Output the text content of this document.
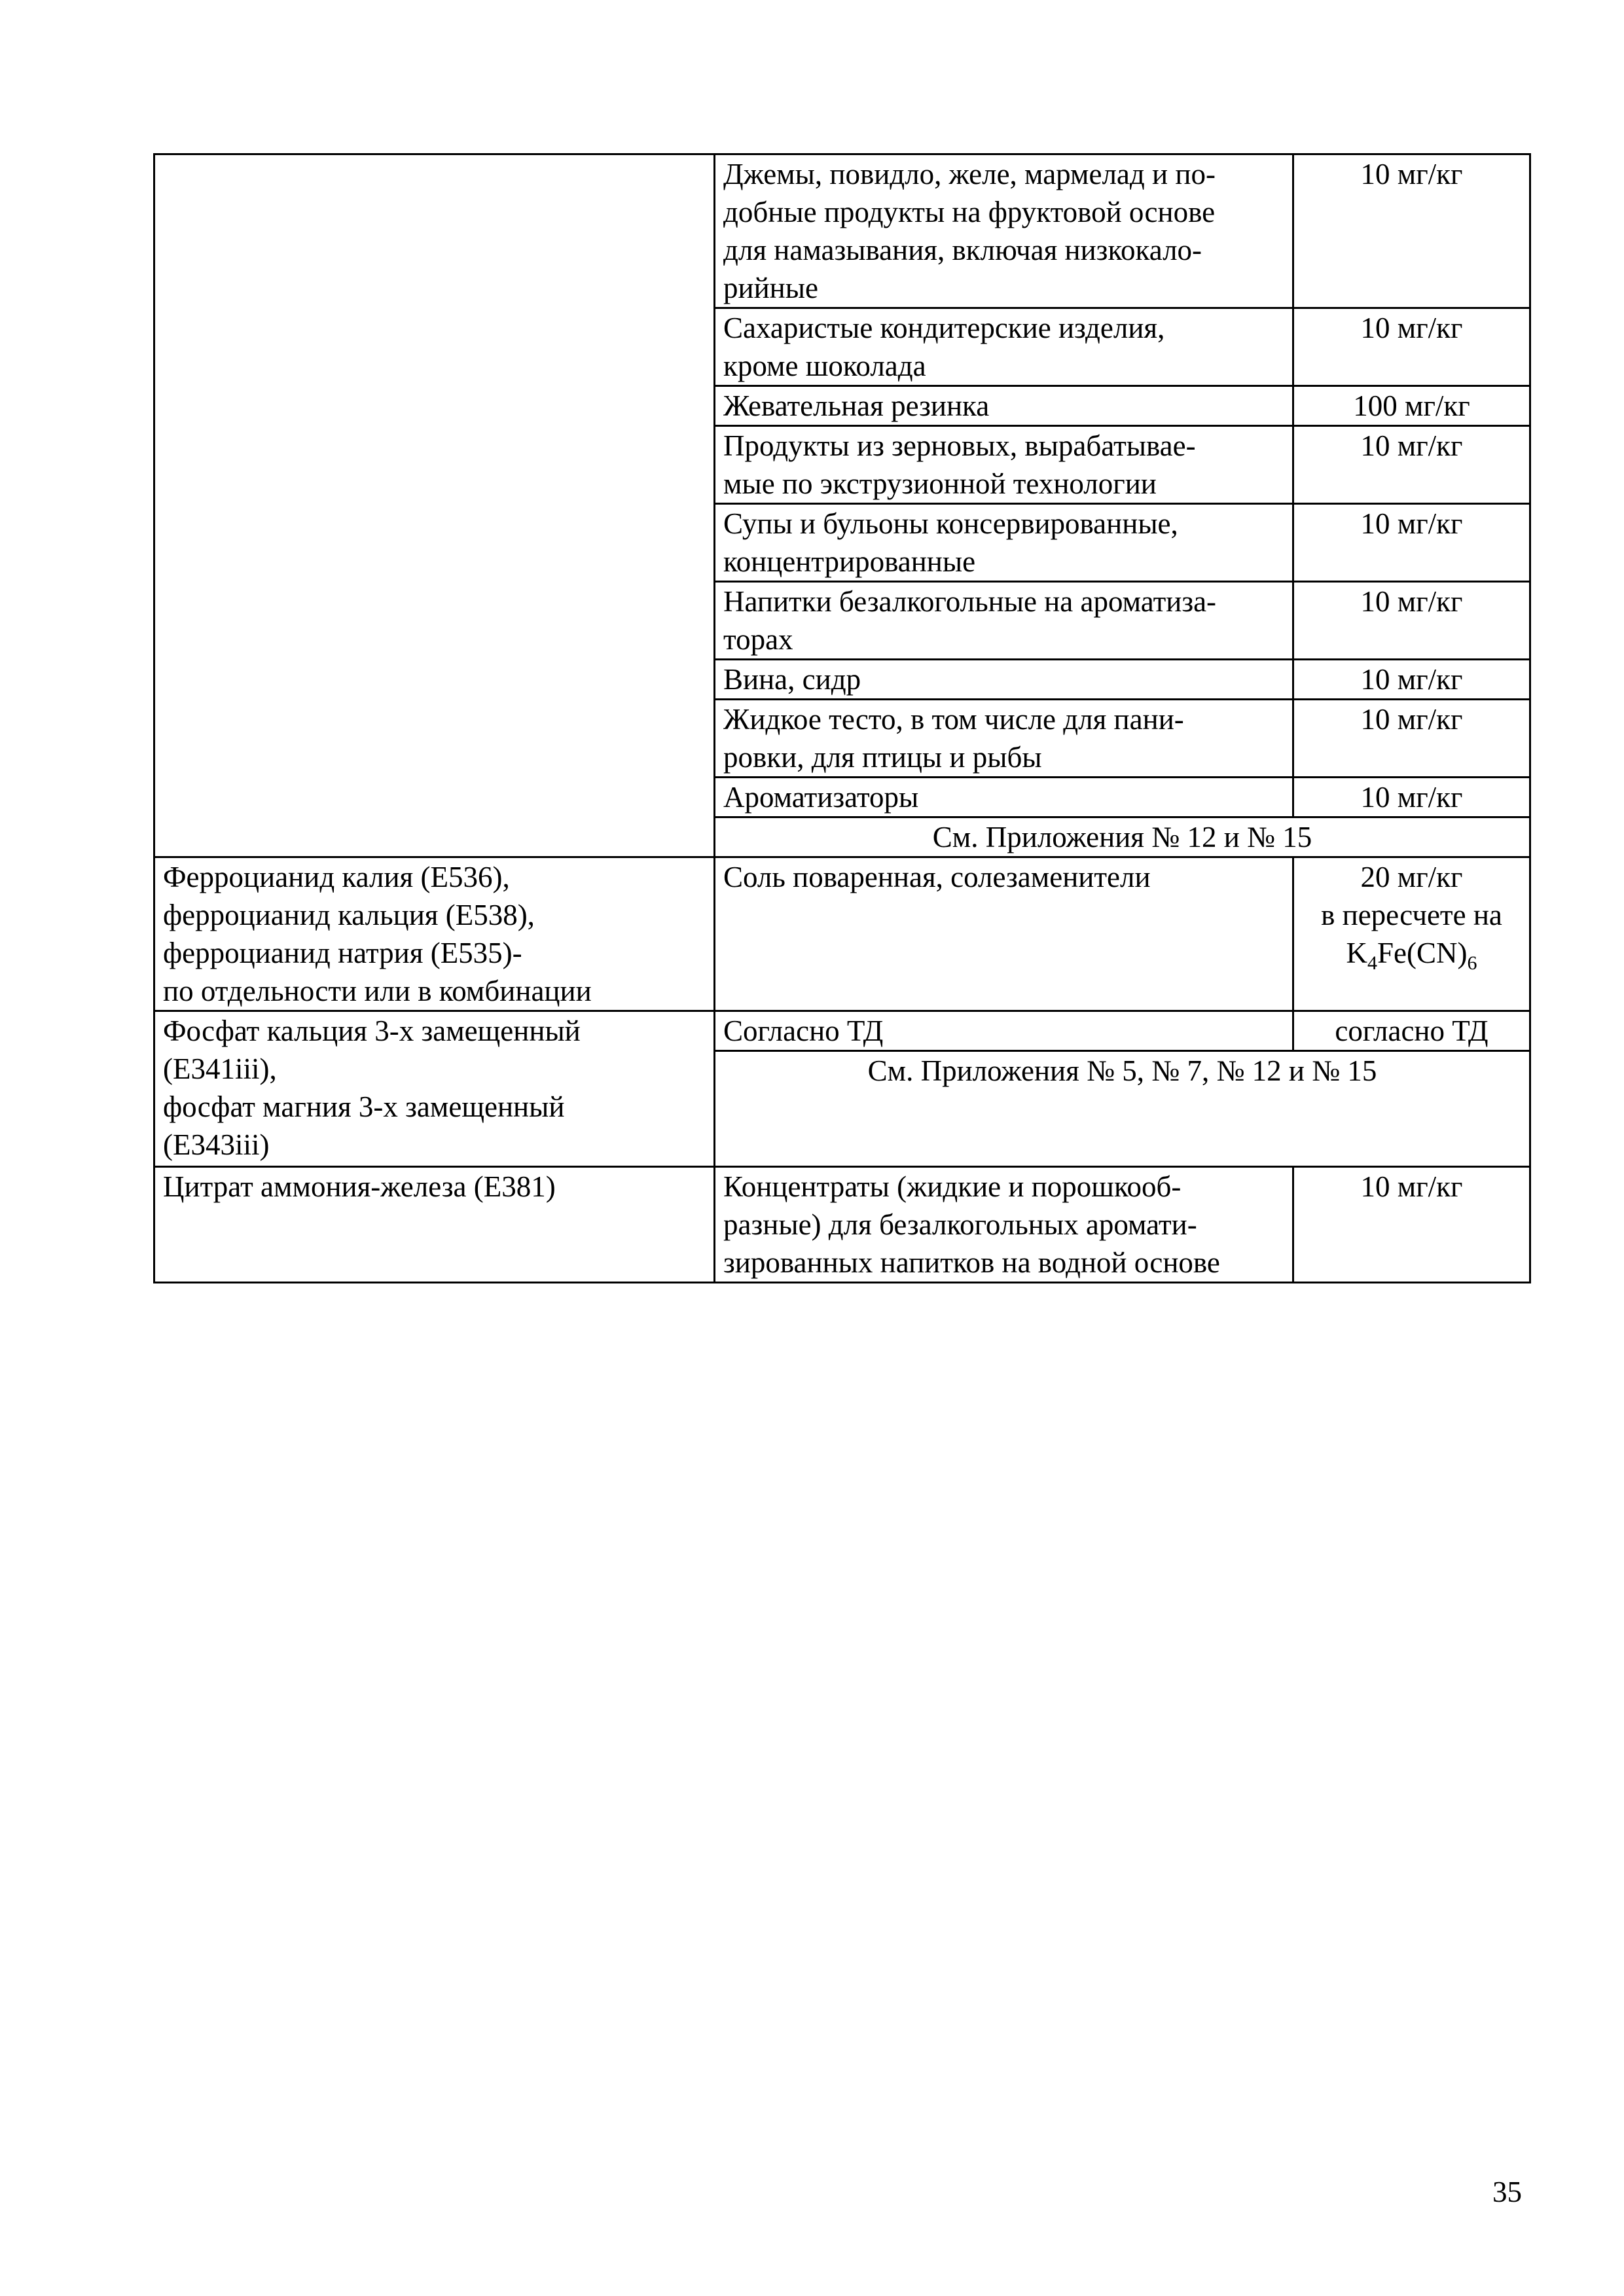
	Джемы, повидло, желе, мармелад и по-
добные продукты на фруктовой основе
для намазывания, включая низкокало-
рийные	10 мг/кг

	Сахаристые кондитерские изделия,
кроме шоколада	10 мг/кг

	Жевательная резинка	100 мг/кг

	Продукты из зерновых, вырабатывае-
мые по экструзионной технологии	10 мг/кг

	Супы и бульоны консервированные,
концентрированные	10 мг/кг

	Напитки безалкогольные на ароматиза-
торах	10 мг/кг

	Вина, сидр	10 мг/кг

	Жидкое тесто, в том числе для пани-
ровки, для птицы и рыбы	10 мг/кг

	Ароматизаторы	10 мг/кг
	См. Приложения № 12 и № 15	

Ферроцианид калия (Е536),
ферроцианид кальция (Е538),
ферроцианид натрия (Е535)-
по отдельности или в комбинации	Соль поваренная, солезаменители	20 мг/кг
в пересчете на
$K_4Fe(CN)_6$

Фосфат кальция 3-х замещенный
(Е341iii),
фосфат магния 3-х замещенный
(Е343iii)	Согласно ТД	согласно ТД
	См. Приложения № 5, № 7, № 12 и № 15	
Цитрат аммония-железа (Е381)	Концентраты (жидкие и порошкооб-
разные) для безалкогольных аромати-
зированных напитков на водной основе	10 мг/кг
35
